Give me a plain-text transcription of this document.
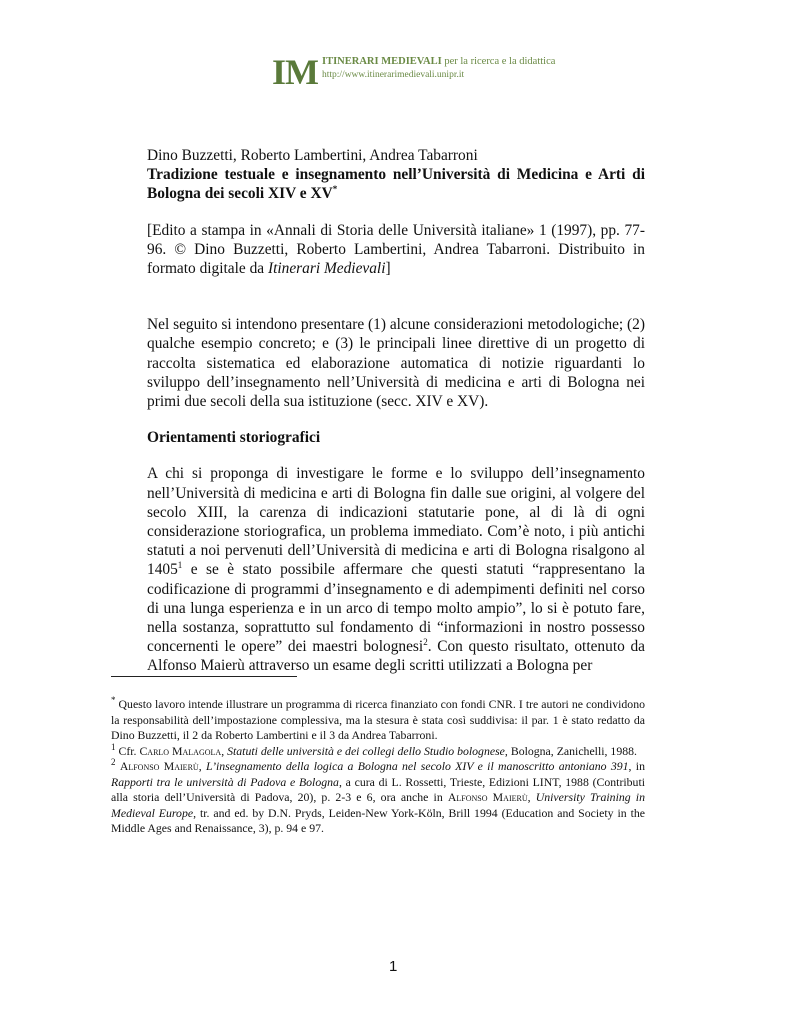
IM ITINERARI MEDIEVALI per la ricerca e la didattica
http://www.itinerarimedievali.unipr.it

Dino Buzzetti, Roberto Lambertini, Andrea Tabarroni

Tradizione testuale e insegnamento nell’Università di Medicina e Arti di Bologna dei secoli XIV e XV*

[Edito a stampa in «Annali di Storia delle Università italiane» 1 (1997), pp. 77-96. © Dino Buzzetti, Roberto Lambertini, Andrea Tabarroni. Distribuito in formato digitale da Itinerari Medievali]

Nel seguito si intendono presentare (1) alcune considerazioni metodologiche; (2) qualche esempio concreto; e (3) le principali linee direttive di un progetto di raccolta sistematica ed elaborazione automatica di notizie riguardanti lo sviluppo dell’insegnamento nell’Università di medicina e arti di Bologna nei primi due secoli della sua istituzione (secc. XIV e XV).

Orientamenti storiografici

A chi si proponga di investigare le forme e lo sviluppo dell’insegnamento nell’Università di medicina e arti di Bologna fin dalle sue origini, al volgere del secolo XIII, la carenza di indicazioni statutarie pone, al di là di ogni considerazione storiografica, un problema immediato. Com’è noto, i più antichi statuti a noi pervenuti dell’Università di medicina e arti di Bologna risalgono al 1405$^1$ e se è stato possibile affermare che questi statuti “rappresentano la codificazione di programmi d’insegnamento e di adempimenti definiti nel corso di una lunga esperienza e in un arco di tempo molto ampio”, lo si è potuto fare, nella sostanza, soprattutto sul fondamento di “informazioni in nostro possesso concernenti le opere” dei maestri bolognesi$^2$. Con questo risultato, ottenuto da Alfonso Maierù attraverso un esame degli scritti utilizzati a Bologna per

* Questo lavoro intende illustrare un programma di ricerca finanziato con fondi CNR. I tre autori ne condividono la responsabilità dell’impostazione complessiva, ma la stesura è stata così suddivisa: il par. 1 è stato redatto da Dino Buzzetti, il 2 da Roberto Lambertini e il 3 da Andrea Tabarroni.

$^1$ Cfr. Carlo Malagola, Statuti delle università e dei collegi dello Studio bolognese, Bologna, Zanichelli, 1988.

$^2$ Alfonso Maierù, L’insegnamento della logica a Bologna nel secolo XIV e il manoscritto antoniano 391, in Rapporti tra le università di Padova e Bologna, a cura di L. Rossetti, Trieste, Edizioni LINT, 1988 (Contributi alla storia dell’Università di Padova, 20), p. 2-3 e 6, ora anche in Alfonso Maierù, University Training in Medieval Europe, tr. and ed. by D.N. Pryds, Leiden-New York-Köln, Brill 1994 (Education and Society in the Middle Ages and Renaissance, 3), p. 94 e 97.

1
